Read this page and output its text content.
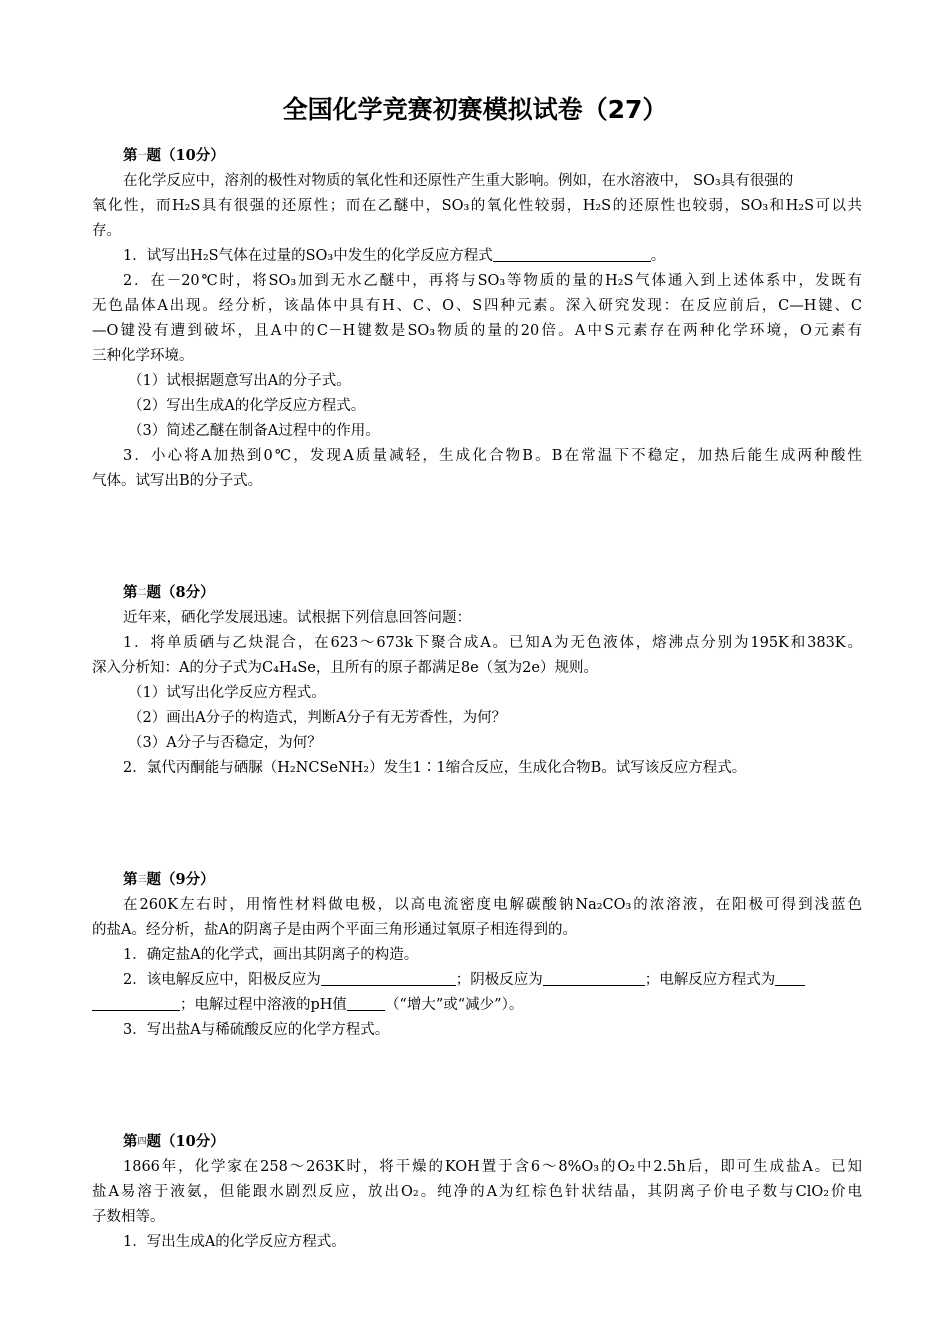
全国化学竞赛初赛模拟试卷（27）
第一题（10分）
在化学反应中，溶剂的极性对物质的氧化性和还原性产生重大影响。例如，在水溶液中， SO₃具有很强的
氧化性，而H₂S具有很强的还原性；而在乙醚中，SO₃的氧化性较弱，H₂S的还原性也较弱，SO₃和H₂S可以共
存。
1．试写出H₂S气体在过量的SO₃中发生的化学反应方程式	。
2．在－20℃时，将SO₃加到无水乙醚中，再将与SO₃等物质的量的H₂S气体通入到上述体系中，发既有
无色晶体A出现。经分析，该晶体中具有H、C、O、S四种元素。深入研究发现：在反应前后，C—H键、C
—O键没有遭到破坏，且A中的C－H键数是SO₃物质的量的20倍。A中S元素存在两种化学环境，O元素有
三种化学环境。
（1）试根据题意写出A的分子式。
（2）写出生成A的化学反应方程式。
（3）简述乙醚在制备A过程中的作用。
3．小心将A加热到0℃，发现A质量减轻，生成化合物B。B在常温下不稳定，加热后能生成两种酸性
气体。试写出B的分子式。
第二题（8分）
近年来，硒化学发展迅速。试根据下列信息回答问题：
1．将单质硒与乙炔混合，在623～673k下聚合成A。已知A为无色液体，熔沸点分别为195K和383K。
深入分析知：A的分子式为C₄H₄Se，且所有的原子都满足8e（氢为2e）规则。
（1）试写出化学反应方程式。
（2）画出A分子的构造式，判断A分子有无芳香性，为何？
（3）A分子与否稳定，为何？
2．氯代丙酮能与硒脲（H₂NCSeNH₂）发生1∶1缩合反应，生成化合物B。试写该反应方程式。
第三题（9分）
在260K左右时，用惰性材料做电极，以高电流密度电解碳酸钠Na₂CO₃的浓溶液，在阳极可得到浅蓝色
的盐A。经分析，盐A的阴离子是由两个平面三角形通过氧原子相连得到的。
1．确定盐A的化学式，画出其阴离子的构造。
2．该电解反应中，阳极反应为	；阴极反应为	；电解反应方程式为
；电解过程中溶液的pH值	（“增大”或“减少”）。
3．写出盐A与稀硫酸反应的化学方程式。
第四题（10分）
1866年，化学家在258～263K时，将干燥的KOH置于含6～8%O₃的O₂中2.5h后，即可生成盐A。已知
盐A易溶于液氨，但能跟水剧烈反应，放出O₂。纯净的A为红棕色针状结晶，其阴离子价电子数与ClO₂价电
子数相等。
1．写出生成A的化学反应方程式。
